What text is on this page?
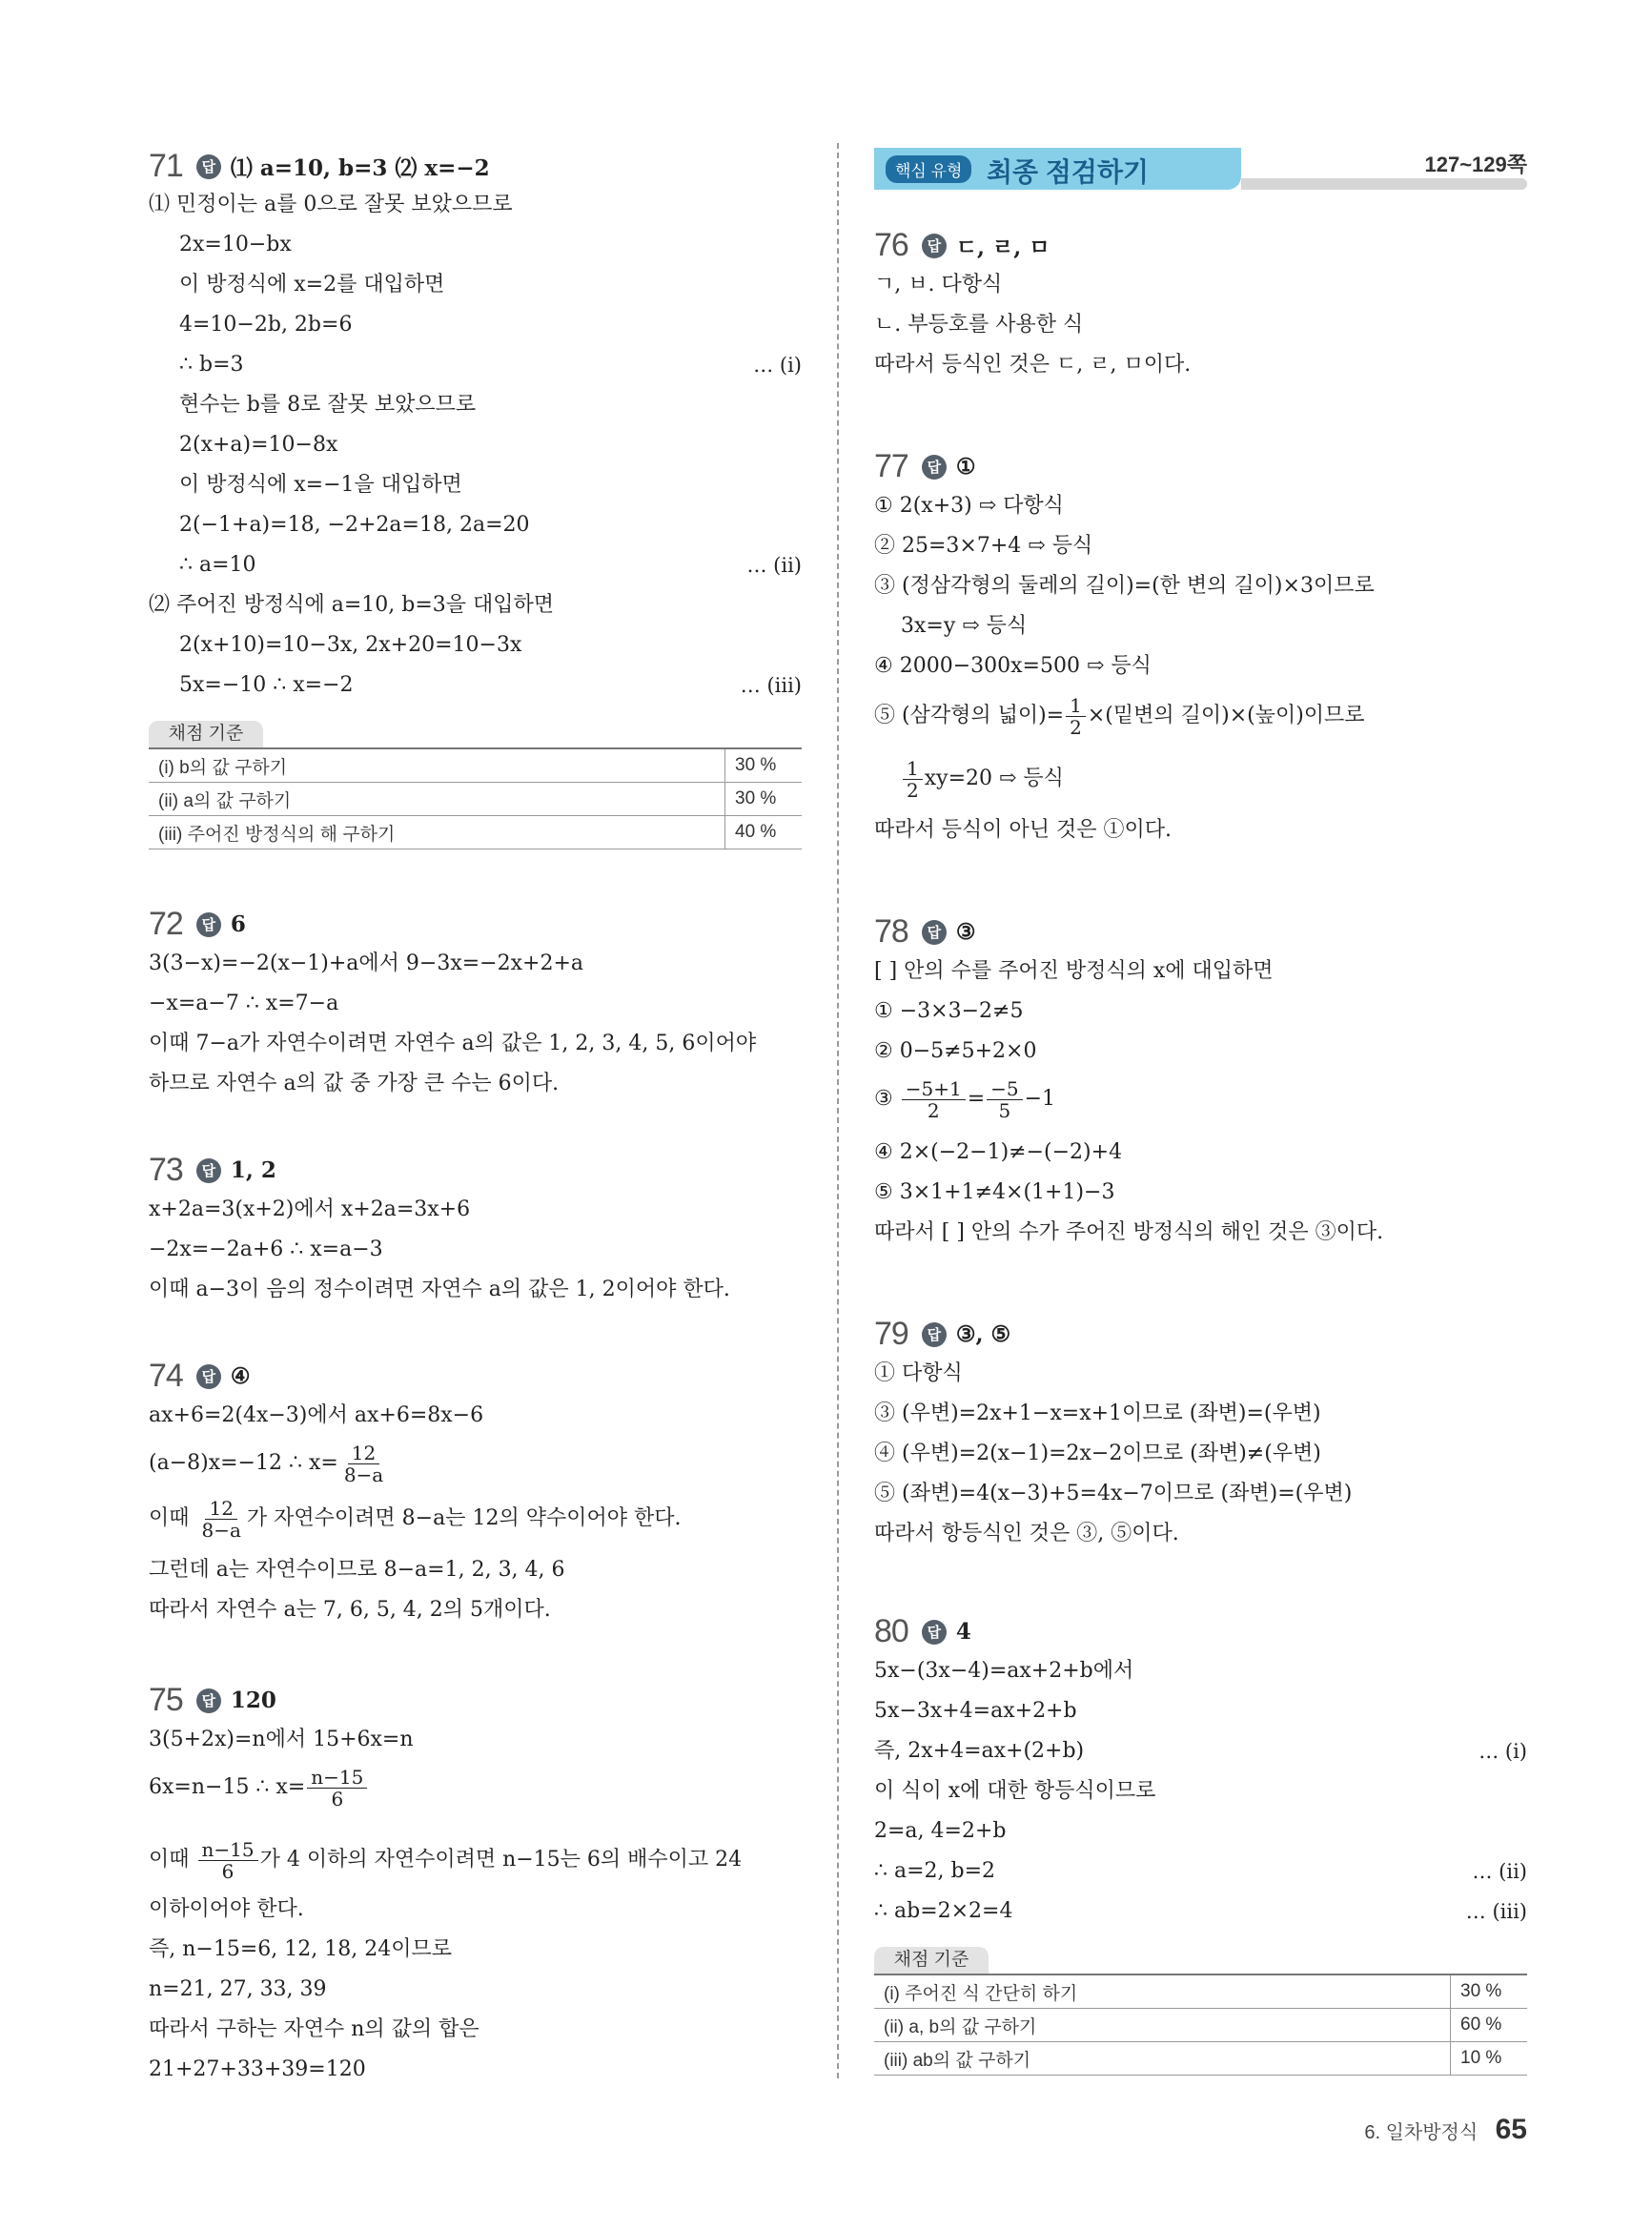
71	답 ⑴ a=10, b=3 ⑵ x=−2
⑴ 민정이는 a를 0으로 잘못 보았으므로
2x=10−bx
이 방정식에 x=2를 대입하면
4=10−2b, 2b=6
∴ b=3	… (i)
현수는 b를 8로 잘못 보았으므로
2(x+a)=10−8x
이 방정식에 x=−1을 대입하면
2(−1+a)=18, −2+2a=18, 2a=20
∴ a=10	… (ii)
⑵ 주어진 방정식에 a=10, b=3을 대입하면
2(x+10)=10−3x, 2x+20=10−3x
5x=−10 ∴ x=−2	… (iii)
채점 기준
(i) b의 값 구하기	30 %
(ii) a의 값 구하기	30 %
(iii) 주어진 방정식의 해 구하기	40 %
72	답 6
3(3−x)=−2(x−1)+a에서 9−3x=−2x+2+a
−x=a−7 ∴ x=7−a
이때 7−a가 자연수이려면 자연수 a의 값은 1, 2, 3, 4, 5, 6이어야
하므로 자연수 a의 값 중 가장 큰 수는 6이다.
73	답 1, 2
x+2a=3(x+2)에서 x+2a=3x+6
−2x=−2a+6 ∴ x=a−3
이때 a−3이 음의 정수이려면 자연수 a의 값은 1, 2이어야 한다.
74	답 ④
ax+6=2(4x−3)에서 ax+6=8x−6
(a−8)x=−12 ∴ $x= \frac{12}{8-a}$
이때 $\frac{12}{8-a}$ 가 자연수이려면 8−a는 12의 약수이어야 한다.
그런데 a는 자연수이므로 8−a=1, 2, 3, 4, 6
따라서 자연수 a는 7, 6, 5, 4, 2의 5개이다.
75	답 120
3(5+2x)=n에서 15+6x=n
6x=n−15 ∴ $x= \frac{n-15}{6}$
이때 $\frac{n-15}{6}$ 가 4 이하의 자연수이려면 n−15는 6의 배수이고 24
이하이어야 한다.
즉, n−15=6, 12, 18, 24이므로
n=21, 27, 33, 39
따라서 구하는 자연수 n의 값의 합은
21+27+33+39=120
핵심 유형 최종 점검하기	127~129쪽
76	답 ㄷ, ㄹ, ㅁ
ㄱ, ㅂ. 다항식
ㄴ. 부등호를 사용한 식
따라서 등식인 것은 ㄷ, ㄹ, ㅁ이다.
77	답 ①
① 2(x+3) ⇨ 다항식
② 25=3×7+4 ⇨ 등식
③ (정삼각형의 둘레의 길이)=(한 변의 길이)×3이므로
3x=y ⇨ 등식
④ 2000−300x=500 ⇨ 등식
⑤ (삼각형의 넓이)= $\frac{1}{2}$ ×(밑변의 길이)×(높이)이므로
$\frac{1}{2} xy=20$ ⇨ 등식
따라서 등식이 아닌 것은 ①이다.
78	답 ③
[ ] 안의 수를 주어진 방정식의 x에 대입하면
① −3×3−2≠5
② 0−5≠5+2×0
③ $\frac{-5+1}{2} = \frac{-5}{5} -1$
④ 2×(−2−1)≠−(−2)+4
⑤ 3×1+1≠4×(1+1)−3
따라서 [ ] 안의 수가 주어진 방정식의 해인 것은 ③이다.
79	답 ③, ⑤
① 다항식
③ (우변)=2x+1−x=x+1이므로 (좌변)=(우변)
④ (우변)=2(x−1)=2x−2이므로 (좌변)≠(우변)
⑤ (좌변)=4(x−3)+5=4x−7이므로 (좌변)=(우변)
따라서 항등식인 것은 ③, ⑤이다.
80	답 4
5x−(3x−4)=ax+2+b에서
5x−3x+4=ax+2+b
즉, 2x+4=ax+(2+b)	… (i)
이 식이 x에 대한 항등식이므로
2=a, 4=2+b
∴ a=2, b=2	… (ii)
∴ ab=2×2=4	… (iii)
채점 기준
(i) 주어진 식 간단히 하기	30 %
(ii) a, b의 값 구하기	60 %
(iii) ab의 값 구하기	10 %
6. 일차방정식 65
